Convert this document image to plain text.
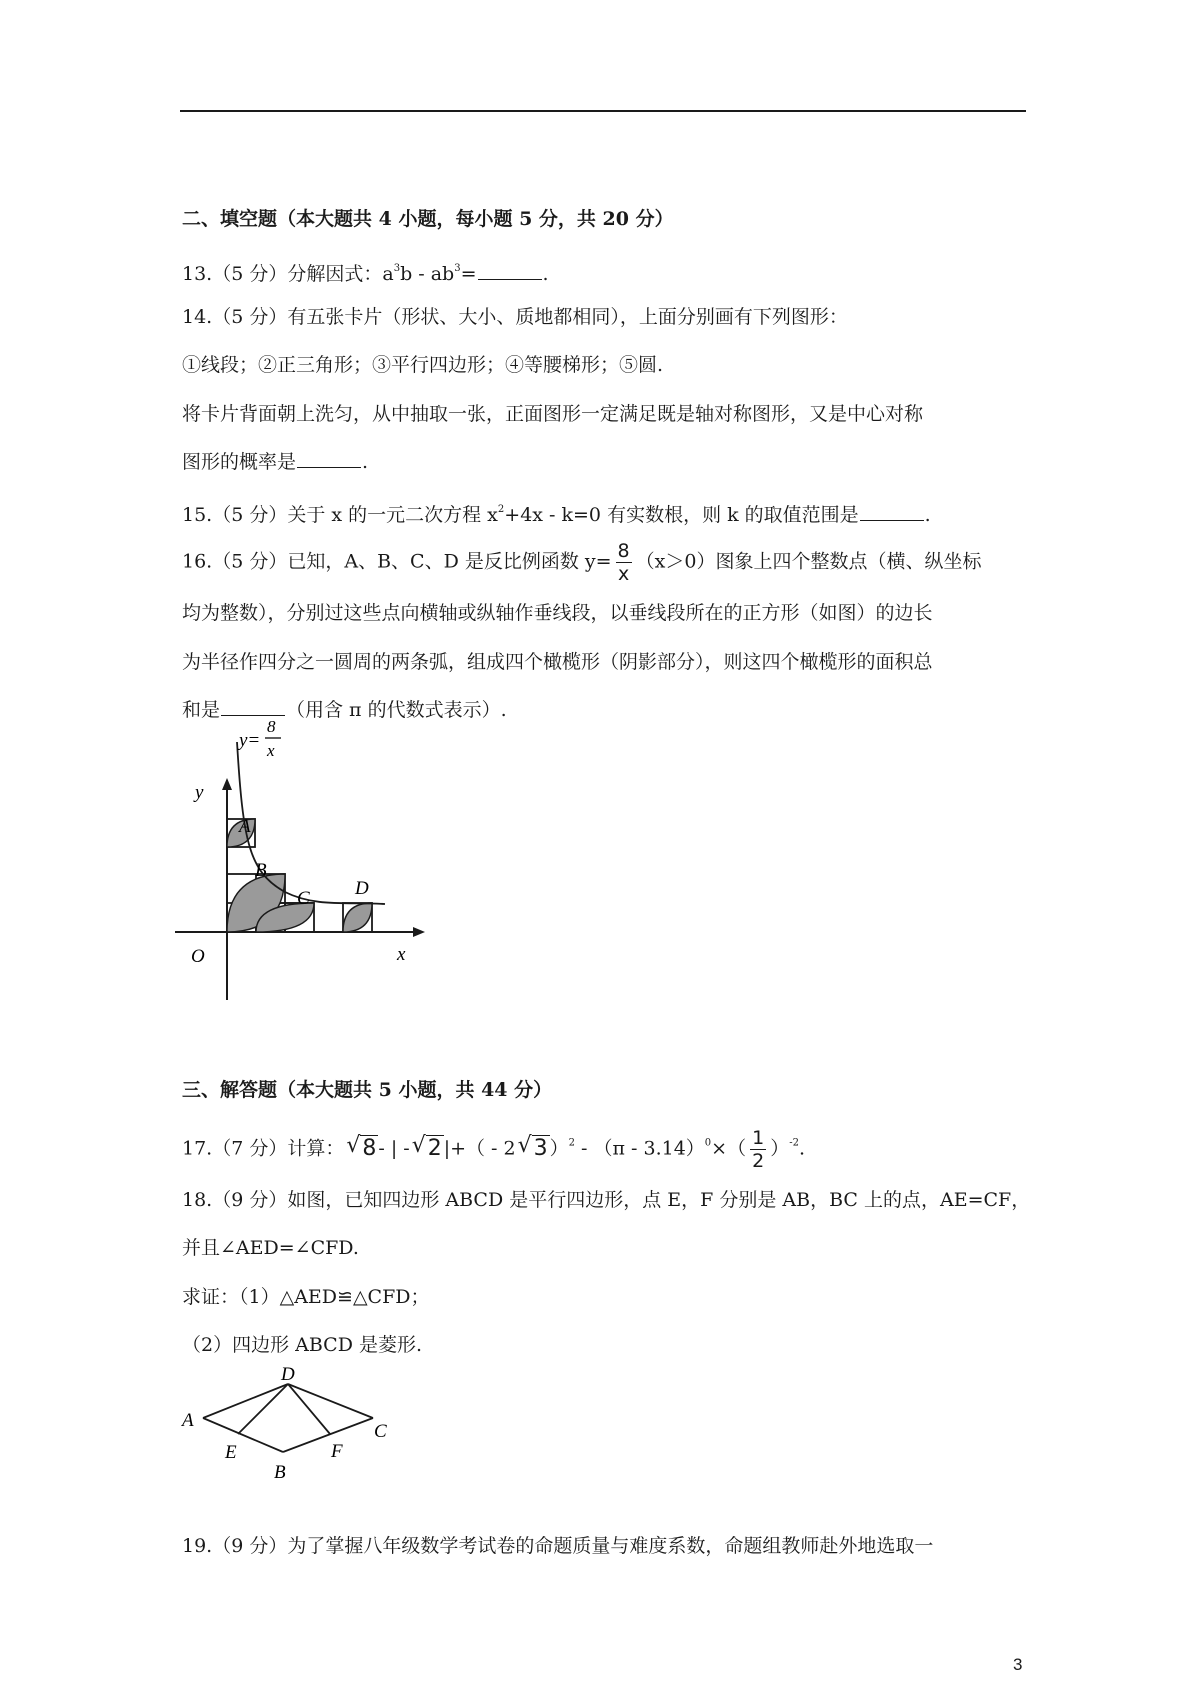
二、填空题（本大题共 4 小题，每小题 5 分，共 20 分）
13.（5 分）分解因式：$a^3b - ab^3=$	.
14.（5 分）有五张卡片（形状、大小、质地都相同），上面分别画有下列图形：
①线段；②正三角形；③平行四边形；④等腰梯形；⑤圆.
将卡片背面朝上洗匀，从中抽取一张，正面图形一定满足既是轴对称图形，又是中心对称
图形的概率是	.
15.（5 分）关于 x 的一元二次方程 $x^2+4x - k=0$ 有实数根，则 k 的取值范围是	.
16.（5 分）已知，A、B、C、D 是反比例函数 $y= \frac{8}{x} (x>0)$图象上四个整数点（横、纵坐标
均为整数），分别过这些点向横轴或纵轴作垂线段，以垂线段所在的正方形（如图）的边长
为半径作四分之一圆周的两条弧，组成四个橄榄形（阴影部分），则这四个橄榄形的面积总
和是	（用含 π 的代数式表示）.
y
y=
8
x
A
B
C D
O	x
三、解答题（本大题共 5 小题，共 44 分）
17.（7 分）计算： √ 8 - | - √ 2 |+（ - 2 √ 3 ）$^2 - (\pi - 3.14)^0\times( \frac{1}{2} )^{-2}$.
18.（9 分）如图，已知四边形 ABCD 是平行四边形，点 E，F 分别是 AB，BC 上的点，AE=CF，
并且∠AED=∠CFD.
求证：（1）△AED≌△CFD；
（2）四边形 ABCD 是菱形.
A
D
C
B
E	F
19.（9 分）为了掌握八年级数学考试卷的命题质量与难度系数，命题组教师赴外地选取一
3
